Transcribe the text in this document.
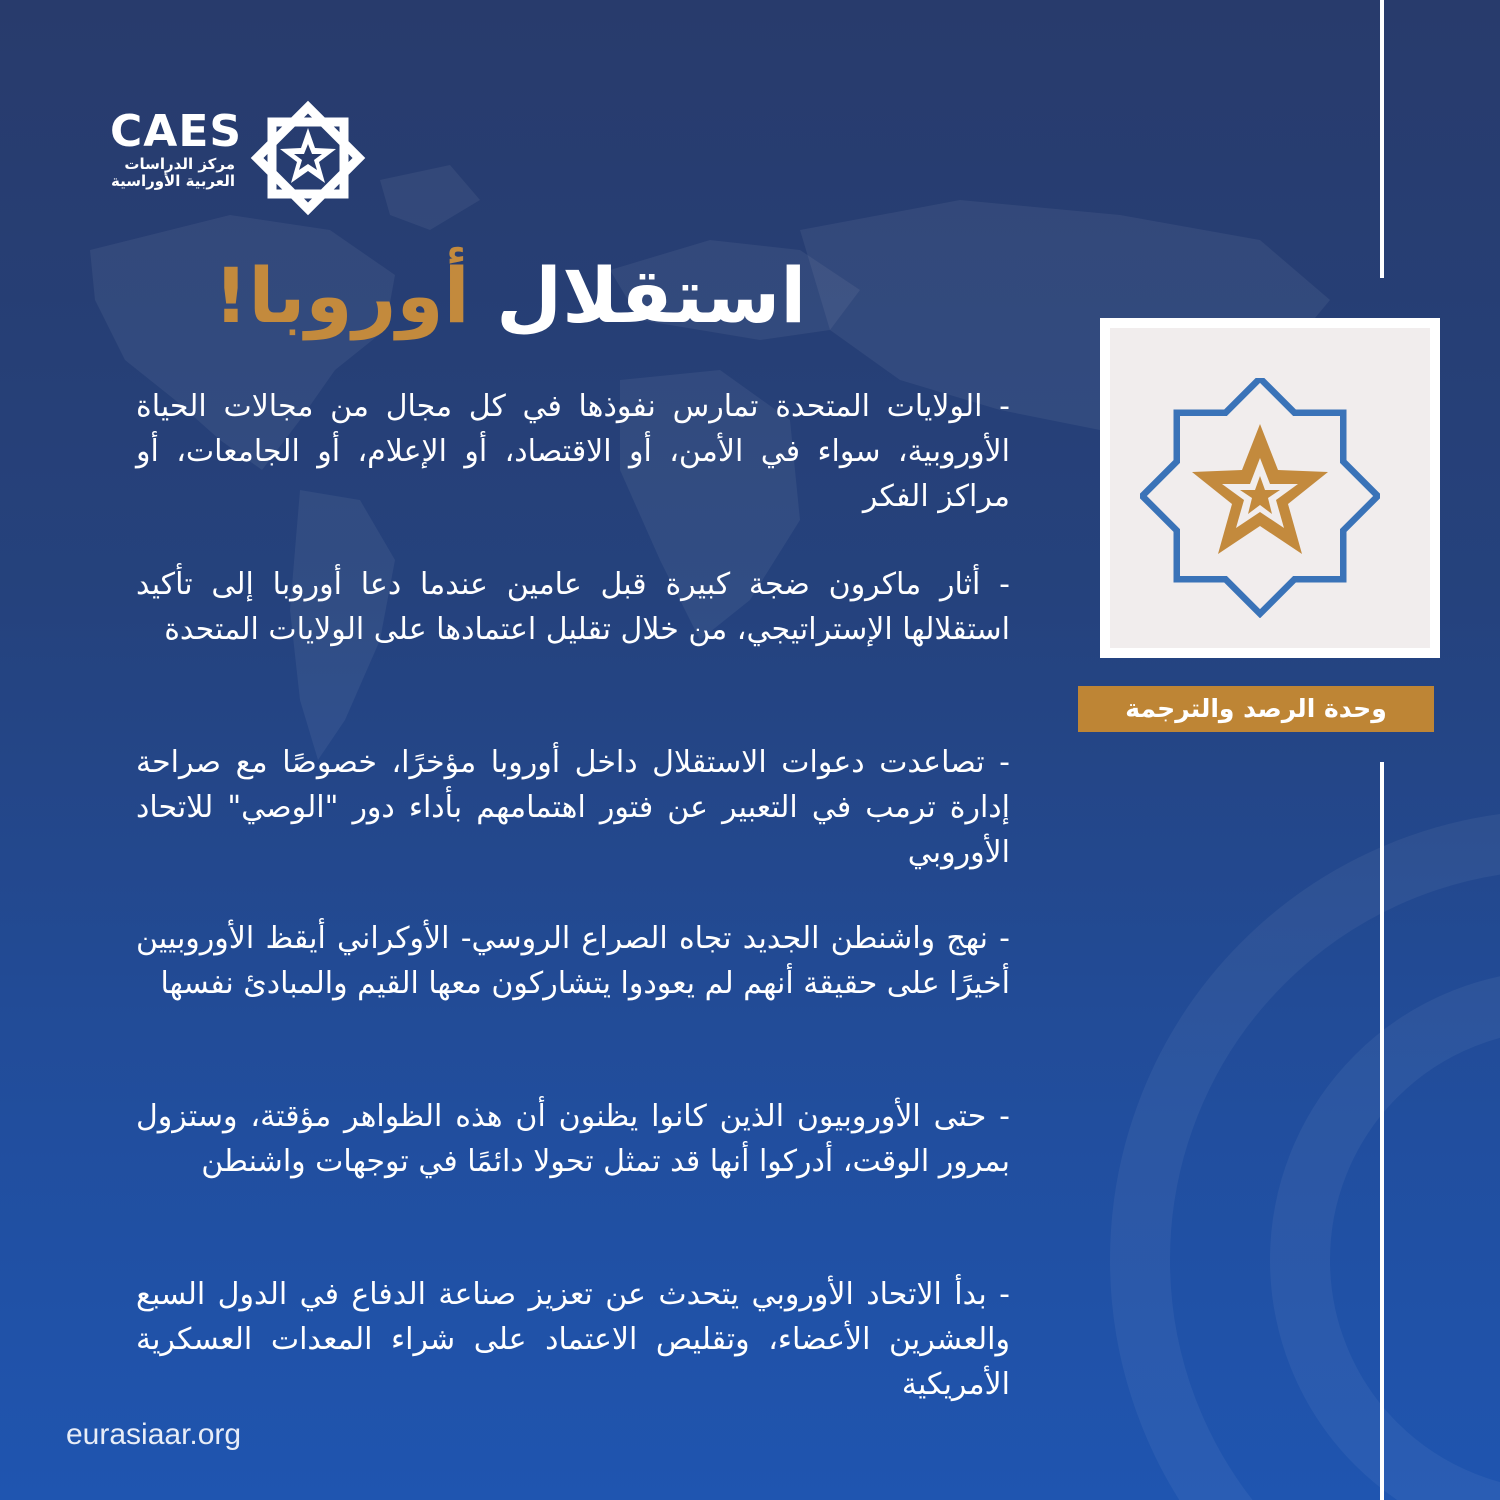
CAES
مركز الدراسات
العربية الأوراسية
استقلال أوروبا!

- الولايات المتحدة تمارس نفوذها في كل مجال من مجالات الحياة الأوروبية، سواء في الأمن، أو الاقتصاد، أو الإعلام، أو الجامعات، أو مراكز الفكر

- أثار ماكرون ضجة كبيرة قبل عامين عندما دعا أوروبا إلى تأكيد استقلالها الإستراتيجي، من خلال تقليل اعتمادها على الولايات المتحدة

- تصاعدت دعوات الاستقلال داخل أوروبا مؤخرًا، خصوصًا مع صراحة إدارة ترمب في التعبير عن فتور اهتمامهم بأداء دور "الوصي" للاتحاد الأوروبي

- نهج واشنطن الجديد تجاه الصراع الروسي- الأوكراني أيقظ الأوروبيين أخيرًا على حقيقة أنهم لم يعودوا يتشاركون معها القيم والمبادئ نفسها

- حتى الأوروبيون الذين كانوا يظنون أن هذه الظواهر مؤقتة، وستزول بمرور الوقت، أدركوا أنها قد تمثل تحولا دائمًا في توجهات واشنطن

- بدأ الاتحاد الأوروبي يتحدث عن تعزيز صناعة الدفاع في الدول السبع والعشرين الأعضاء، وتقليص الاعتماد على شراء المعدات العسكرية الأمريكية

وحدة الرصد والترجمة
eurasiaar.org
